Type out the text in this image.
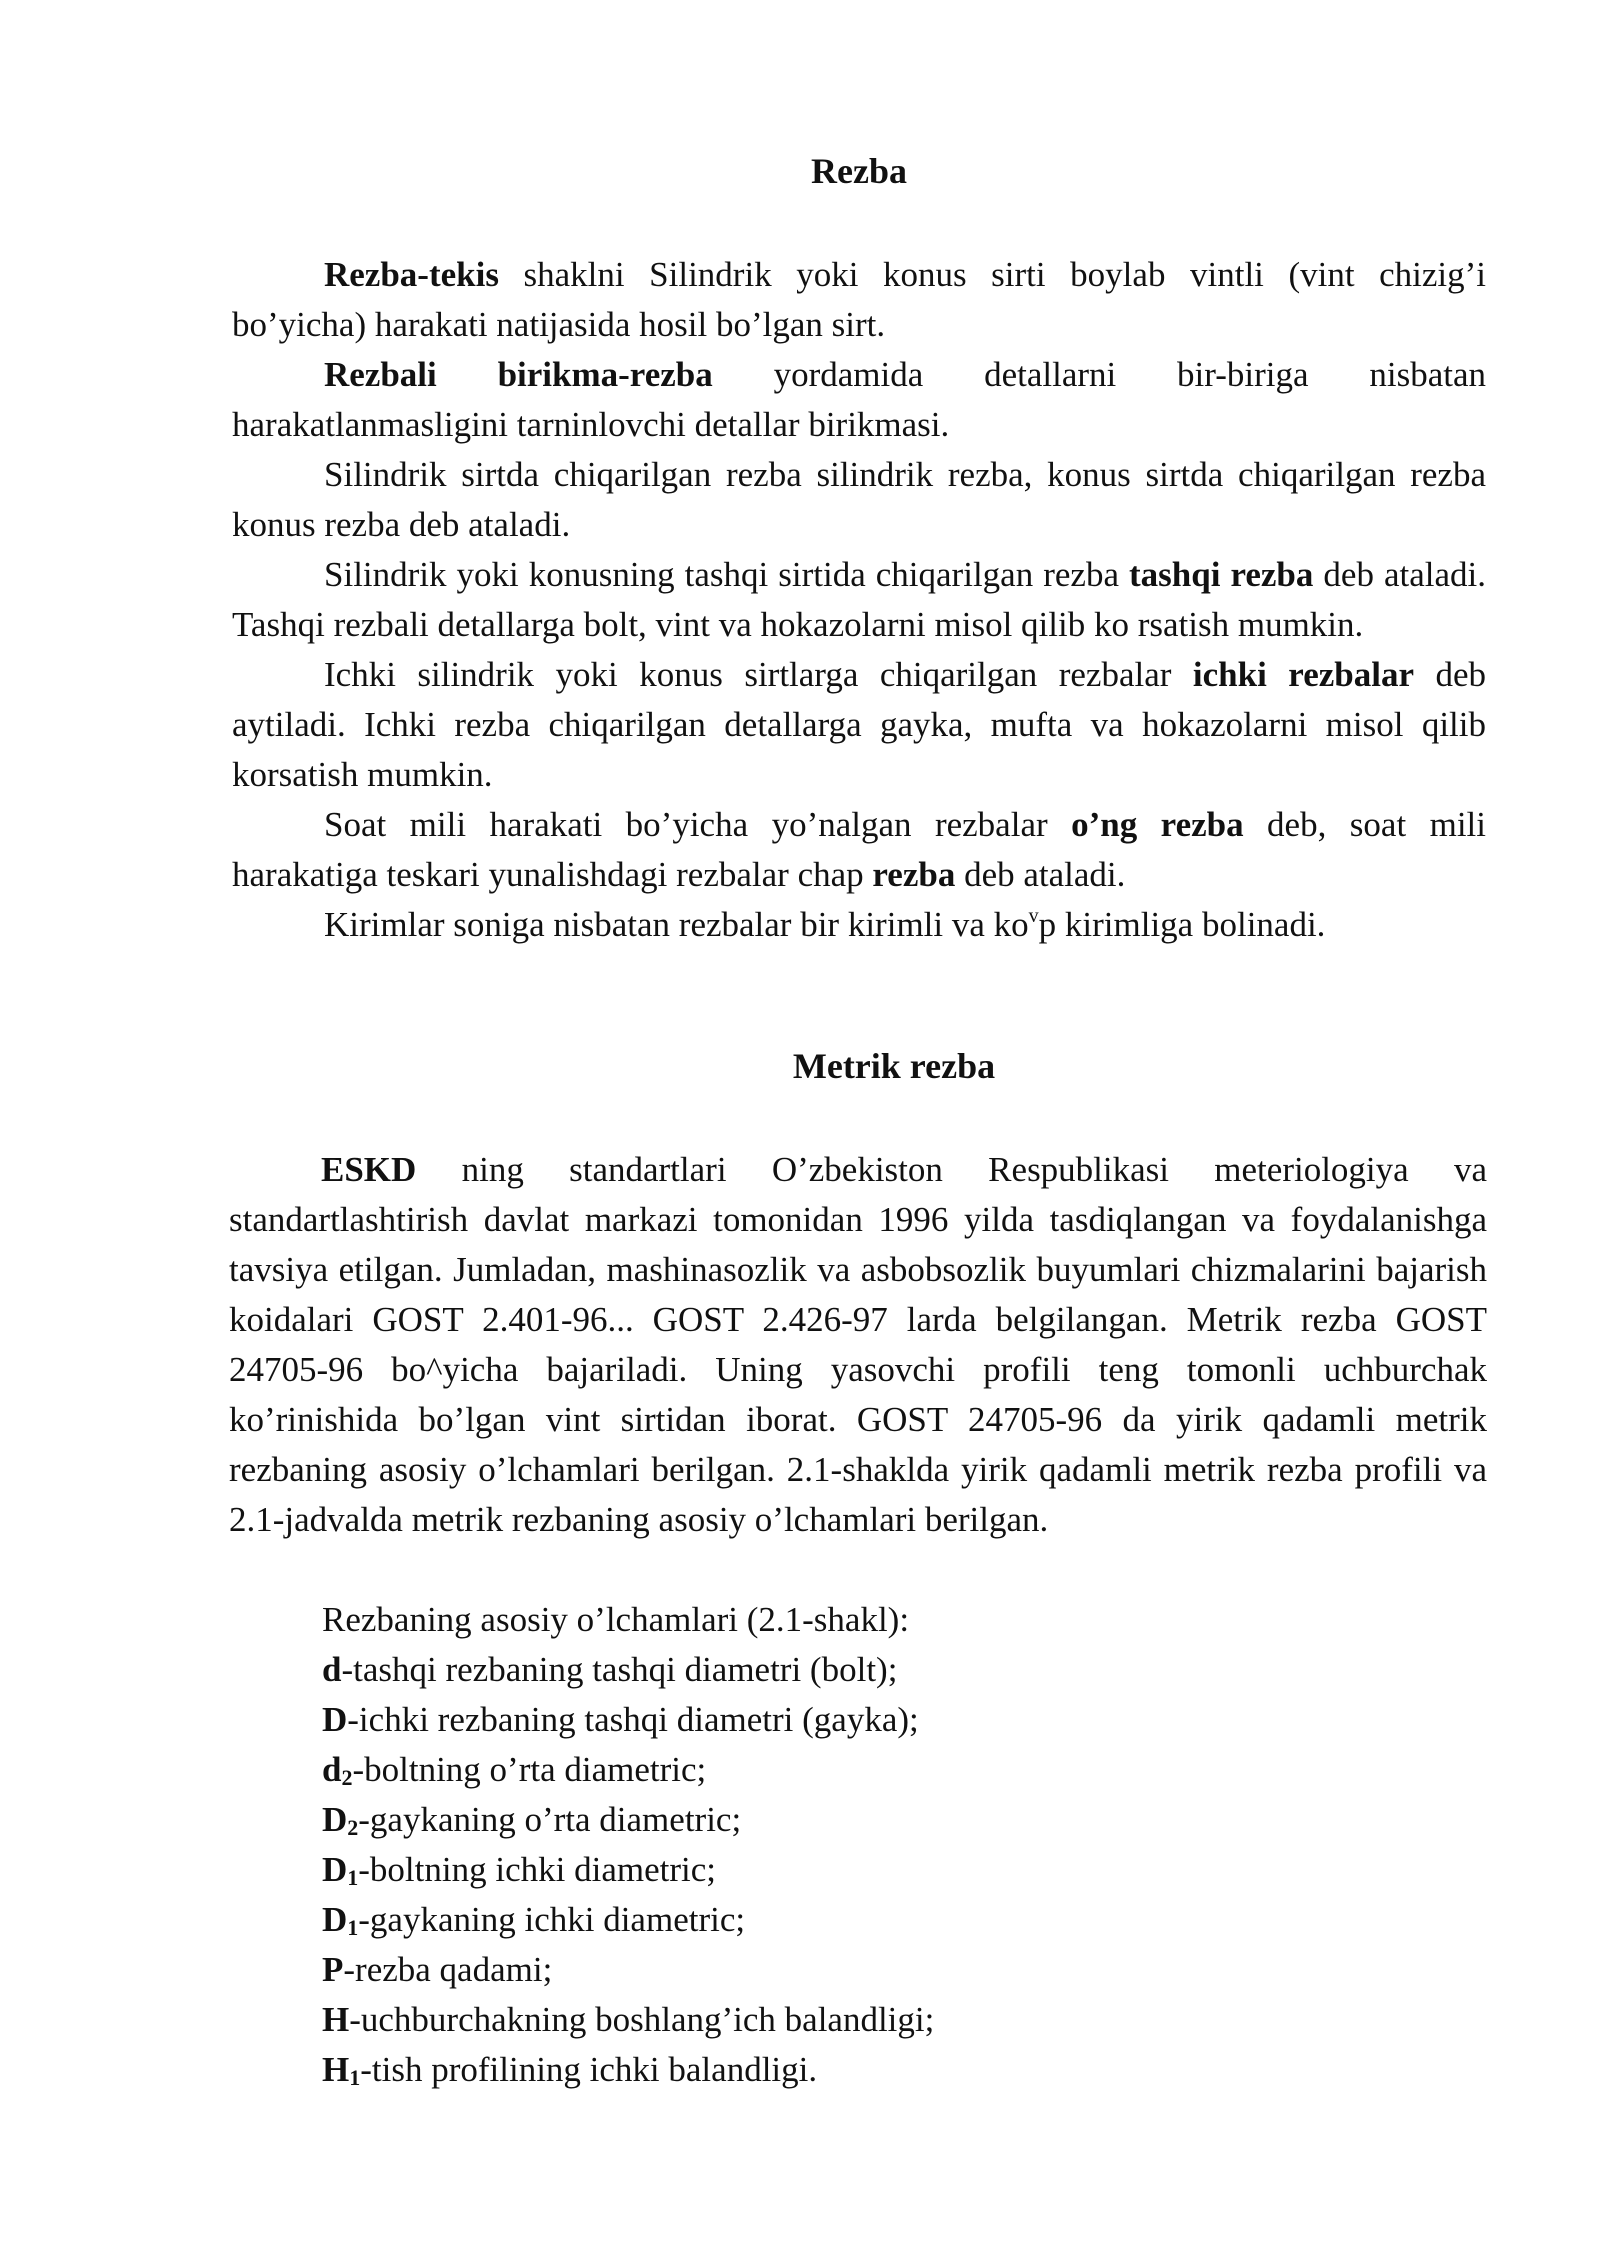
Rezba

Rezba-tekis shaklni Silindrik yoki konus sirti boylab vintli (vint chizig’i bo’yicha) harakati natijasida hosil bo’lgan sirt.

Rezbali birikma-rezba yordamida detallarni bir-biriga nisbatan harakatlanmasligini tarninlovchi detallar birikmasi.

Silindrik sirtda chiqarilgan rezba silindrik rezba, konus sirtda chiqarilgan rezba konus rezba deb ataladi.

Silindrik yoki konusning tashqi sirtida chiqarilgan rezba tashqi rezba deb ataladi. Tashqi rezbali detallarga bolt, vint va hokazolarni misol qilib ko rsatish mumkin.

Ichki silindrik yoki konus sirtlarga chiqarilgan rezbalar ichki rezbalar deb aytiladi. Ichki rezba chiqarilgan detallarga gayka, mufta va hokazolarni misol qilib korsatish mumkin.

Soat mili harakati bo’yicha yo’nalgan rezbalar o’ng rezba deb, soat mili harakatiga teskari yunalishdagi rezbalar chap rezba deb ataladi.

Kirimlar soniga nisbatan rezbalar bir kirimli va $ko^vp$ kirimliga bolinadi.

Metrik rezba

ESKD ning standartlari O’zbekiston Respublikasi meteriologiya va standartlashtirish davlat markazi tomonidan 1996 yilda tasdiqlangan va foydalanishga tavsiya etilgan. Jumladan, mashinasozlik va asbobsozlik buyumlari chizmalarini bajarish koidalari GOST 2.401-96... GOST 2.426-97 larda belgilangan. Metrik rezba GOST 24705-96 bo^yicha bajariladi. Uning yasovchi profili teng tomonli uchburchak ko’rinishida bo’lgan vint sirtidan iborat. GOST 24705-96 da yirik qadamli metrik rezbaning asosiy o’lchamlari berilgan. 2.1-shaklda yirik qadamli metrik rezba profili va 2.1-jadvalda metrik rezbaning asosiy o’lchamlari berilgan.

Rezbaning asosiy o’lchamlari (2.1-shakl):

d-tashqi rezbaning tashqi diametri (bolt);

D-ichki rezbaning tashqi diametri (gayka);

$d_2$-boltning o’rta diametric;

$D_2$-gaykaning o’rta diametric;

$D_1$-boltning ichki diametric;

$D_1$-gaykaning ichki diametric;

P-rezba qadami;

H-uchburchakning boshlang’ich balandligi;

$H_1$-tish profilining ichki balandligi.
